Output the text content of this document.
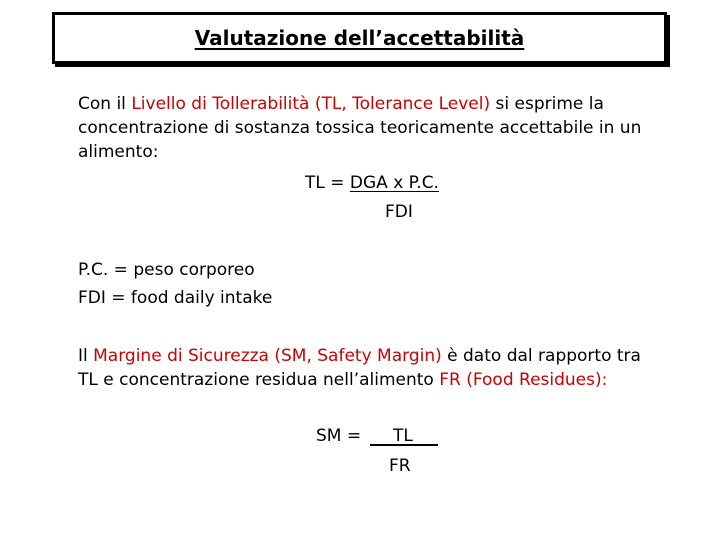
Valutazione dell’accettabilità

Con il Livello di Tollerabilità (TL, Tolerance Level) si esprime la
concentrazione di sostanza tossica teoricamente accettabile in un
alimento:

TL = DGA x P.C.
FDI
P.C. = peso corporeo
FDI = food daily intake

Il Margine di Sicurezza (SM, Safety Margin) è dato dal rapporto tra
TL e concentrazione residua nell’alimento FR (Food Residues):

SM = TL
FR
